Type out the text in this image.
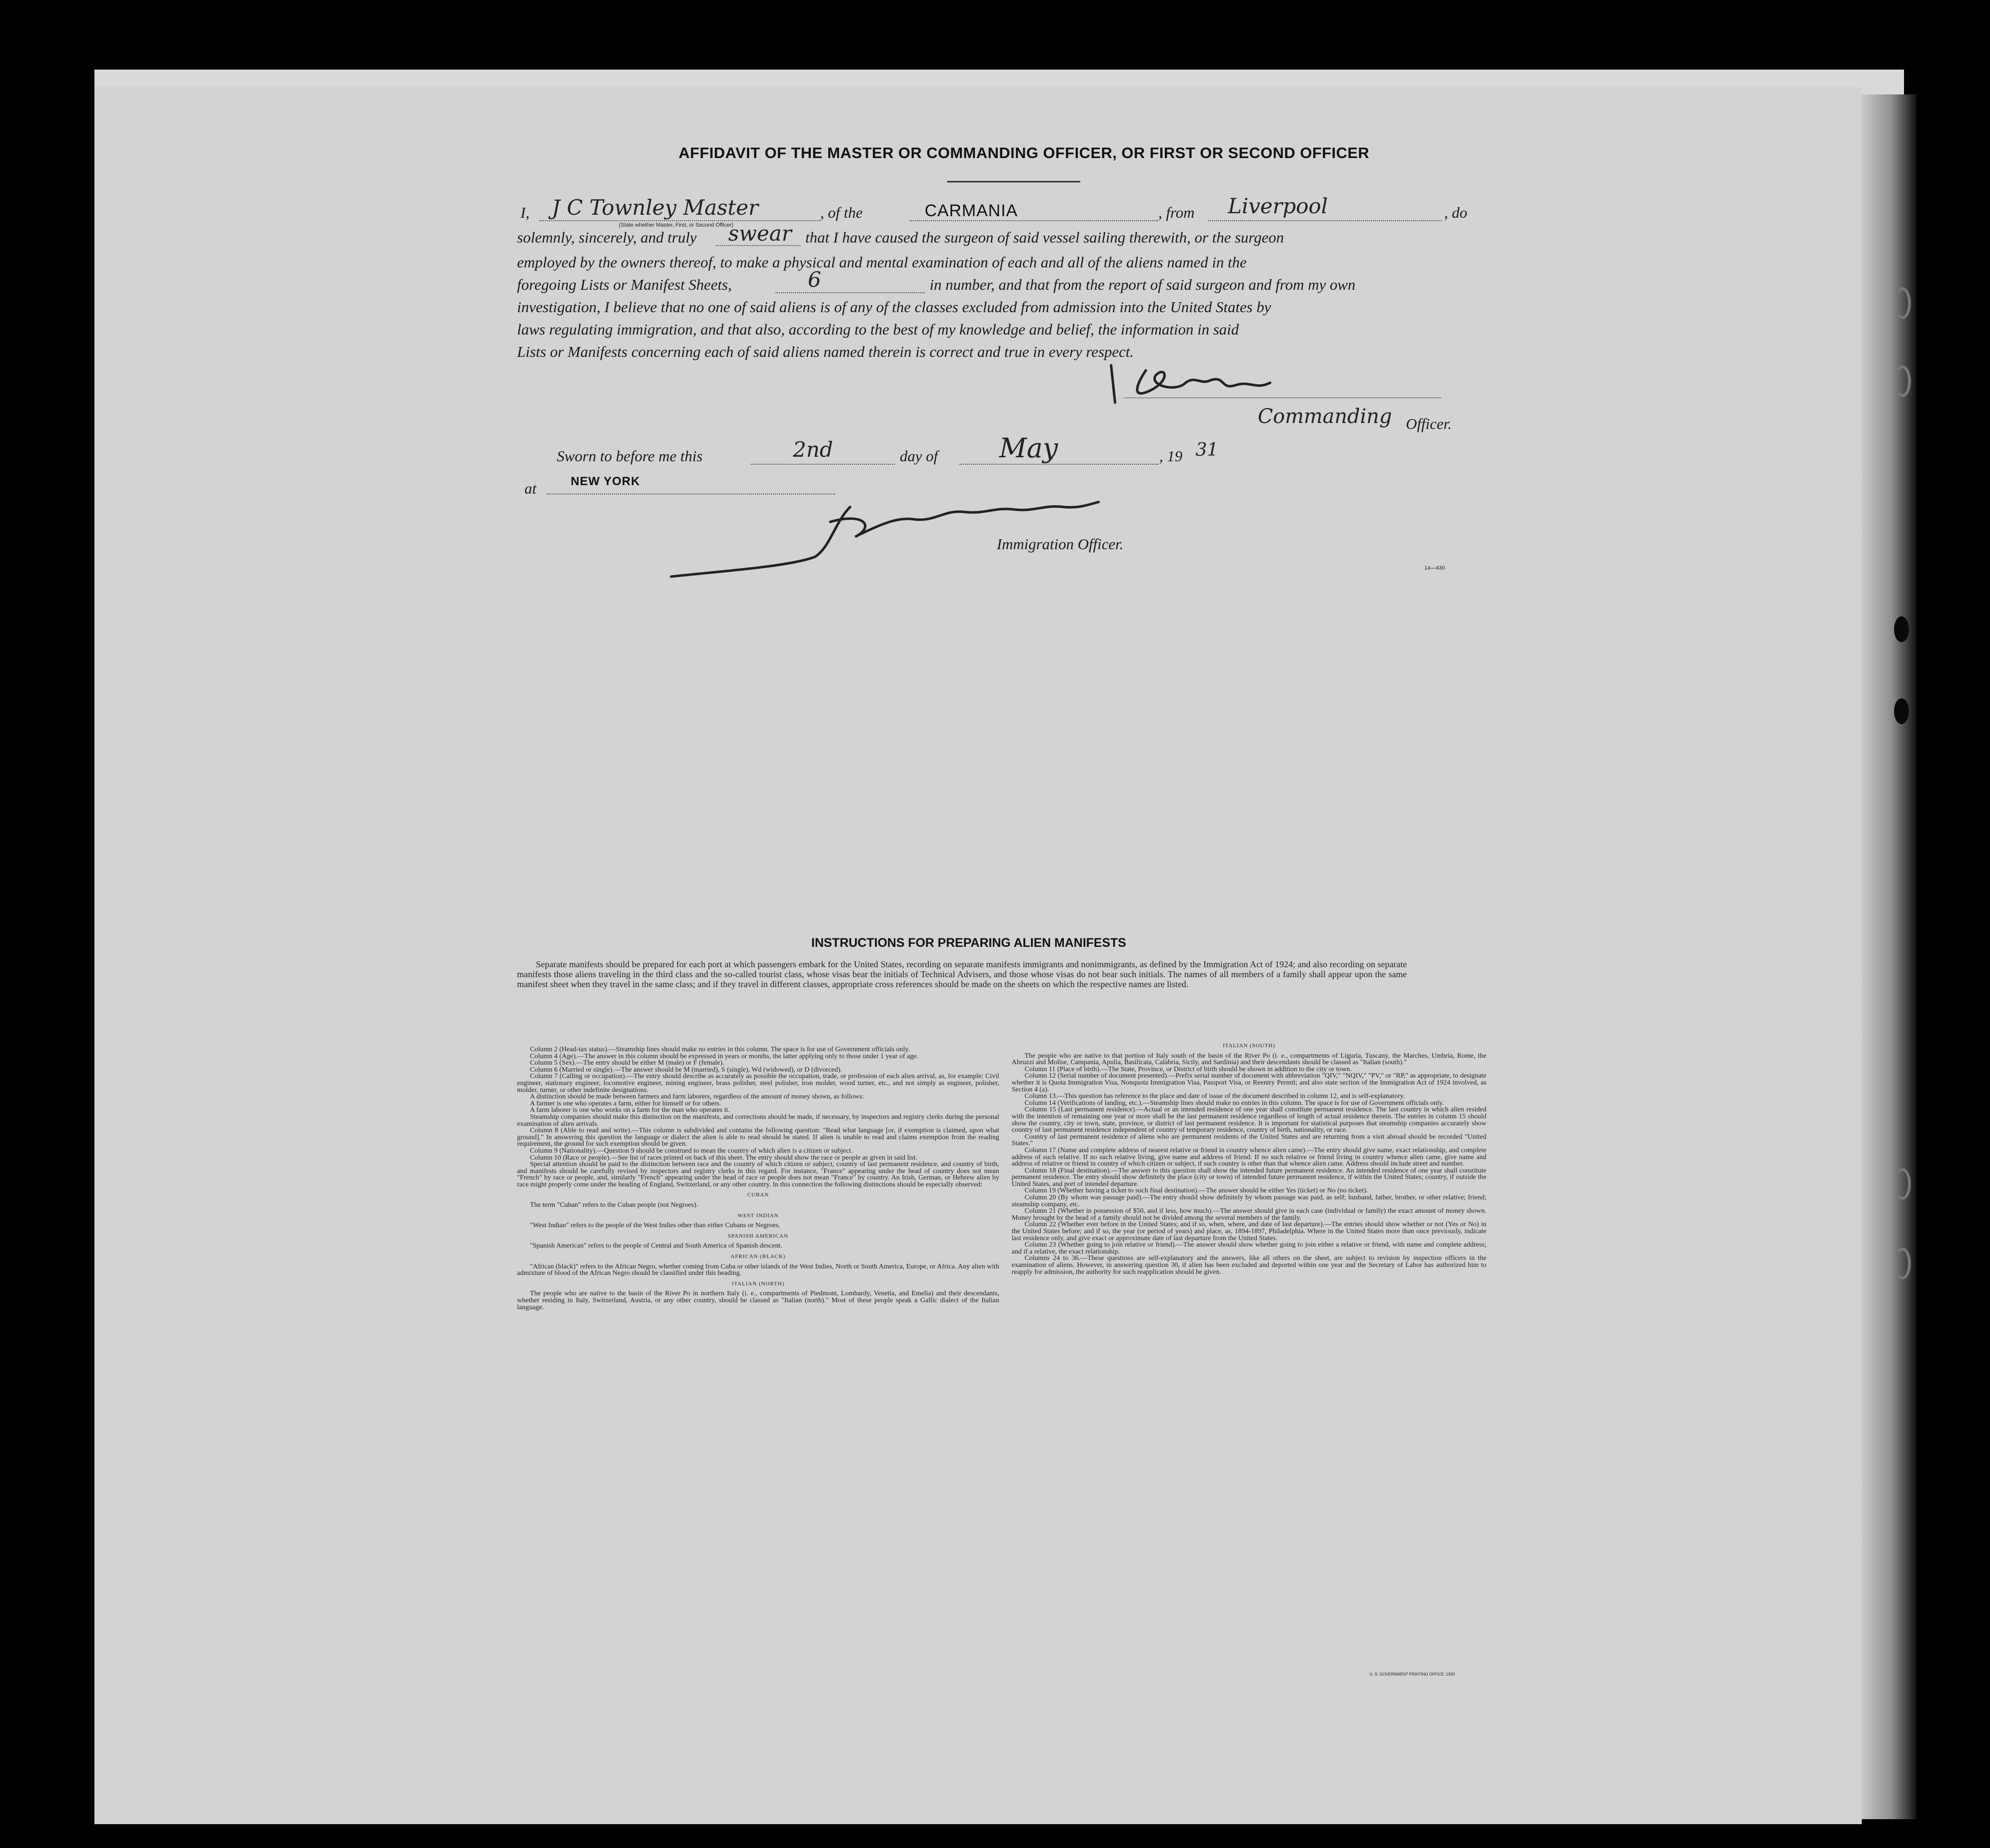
AFFIDAVIT OF THE MASTER OR COMMANDING OFFICER, OR FIRST OR SECOND OFFICER
I, J C Townley Master
(State whether Master, First, or Second Officer)
, of the	CARMANIA	, from Liverpool	, do
solemnly, sincerely, and truly swear that I have caused the surgeon of said vessel sailing therewith, or the surgeon
employed by the owners thereof, to make a physical and mental examination of each and all of the aliens named in the
foregoing Lists or Manifest Sheets,	6	in number, and that from the report of said surgeon and from my own
investigation, I believe that no one of said aliens is of any of the classes excluded from admission into the United States by
laws regulating immigration, and that also, according to the best of my knowledge and belief, the information in said
Lists or Manifests concerning each of said aliens named therein is correct and true in every respect.
Commanding Officer.
Sworn to before me this	2nd	day of May	, 19 31
at	NEW YORK
Immigration Officer.
14—430
INSTRUCTIONS FOR PREPARING ALIEN MANIFESTS
Separate manifests should be prepared for each port at which passengers embark for the United States, recording on separate manifests immigrants and nonimmigrants, as defined by the Immigration Act of 1924; and also recording on separate manifests those aliens traveling in the third class and the so-called tourist class, whose visas bear the initials of Technical Advisers, and those whose visas do not bear such initials. The names of all members of a family shall appear upon the same manifest sheet when they travel in the same class; and if they travel in different classes, appropriate cross references should be made on the sheets on which the respective names are listed.

Column 2 (Head-tax status).—Steamship lines should make no entries in this column. The space is for use of Government officials only.

Column 4 (Age).—The answer in this column should be expressed in years or months, the latter applying only to those under 1 year of age.

Column 5 (Sex).—The entry should be either M (male) or F (female).

Column 6 (Married or single).—The answer should be M (married), S (single), Wd (widowed), or D (divorced).

Column 7 (Calling or occupation).—The entry should describe as accurately as possible the occupation, trade, or profession of each alien arrival, as, for example: Civil engineer, stationary engineer, locomotive engineer, mining engineer, brass polisher, steel polisher, iron molder, wood turner, etc., and not simply as engineer, polisher, molder, turner, or other indefinite designations.

A distinction should be made between farmers and farm laborers, regardless of the amount of money shown, as follows:

A farmer is one who operates a farm, either for himself or for others.

A farm laborer is one who works on a farm for the man who operates it.

Steamship companies should make this distinction on the manifests, and corrections should be made, if necessary, by inspectors and registry clerks during the personal examination of alien arrivals.

Column 8 (Able to read and write).—This column is subdivided and contains the following question: "Read what language [or, if exemption is claimed, upon what ground]." In answering this question the language or dialect the alien is able to read should be stated. If alien is unable to read and claims exemption from the reading requirement, the ground for such exemption should be given.

Column 9 (Nationality).—Question 9 should be construed to mean the country of which alien is a citizen or subject.

Column 10 (Race or people).—See list of races printed on back of this sheet. The entry should show the race or people as given in said list.

Special attention should be paid to the distinction between race and the country of which citizen or subject, country of last permanent residence, and country of birth, and manifests should be carefully revised by inspectors and registry clerks in this regard. For instance, "France" appearing under the head of country does not mean "French" by race or people, and, similarly "French" appearing under the head of race or people does not mean "France" by country. An Irish, German, or Hebrew alien by race might properly come under the heading of England, Switzerland, or any other country. In this connection the following distinctions should be especially observed:

CUBAN

The term "Cuban" refers to the Cuban people (not Negroes).

WEST INDIAN

"West Indian" refers to the people of the West Indies other than either Cubans or Negroes.

SPANISH AMERICAN

"Spanish American" refers to the people of Central and South America of Spanish descent.

AFRICAN (BLACK)

"African (black)" refers to the African Negro, whether coming from Cuba or other islands of the West Indies, North or South America, Europe, or Africa. Any alien with admixture of blood of the African Negro should be classified under this heading.

ITALIAN (NORTH)

The people who are native to the basin of the River Po in northern Italy (i. e., compartments of Piedmont, Lombardy, Venetia, and Emelia) and their descendants, whether residing in Italy, Switzerland, Austria, or any other country, should be classed as "Italian (north)." Most of these people speak a Gallic dialect of the Italian language.

ITALIAN (SOUTH)

The people who are native to that portion of Italy south of the basin of the River Po (i. e., compartments of Liguria, Tuscany, the Marches, Umbria, Rome, the Abruzzi and Molise, Campania, Apulia, Basilicata, Calabria, Sicily, and Sardinia) and their descendants should be classed as "Italian (south)."

Column 11 (Place of birth).—The State, Province, or District of birth should be shown in addition to the city or town.

Column 12 (Serial number of document presented).—Prefix serial number of document with abbreviation "QIV," "NQIV," "PV," or "RP," as appropriate, to designate whether it is Quota Immigration Visa, Nonquota Immigration Visa, Passport Visa, or Reentry Permit; and also state section of the Immigration Act of 1924 involved, as Section 4 (a).

Column 13.—This question has reference to the place and date of issue of the document described in column 12, and is self-explanatory.

Column 14 (Verifications of landing, etc.).—Steamship lines should make no entries in this column. The space is for use of Government officials only.

Column 15 (Last permanent residence).—Actual or an intended residence of one year shall constitute permanent residence. The last country in which alien resided with the intention of remaining one year or more shall be the last permanent residence regardless of length of actual residence therein. The entries in column 15 should show the country, city or town, state, province, or district of last permanent residence. It is important for statistical purposes that steamship companies accurately show country of last permanent residence independent of country of temporary residence, country of birth, nationality, or race.

Country of last permanent residence of aliens who are permanent residents of the United States and are returning from a visit abroad should be recorded "United States."

Column 17 (Name and complete address of nearest relative or friend in country whence alien came).—The entry should give name, exact relationship, and complete address of such relative. If no such relative living, give name and address of friend. If no such relative or friend living in country whence alien came, give name and address of relative or friend in country of which citizen or subject, if such country is other than that whence alien came. Address should include street and number.

Column 18 (Final destination).—The answer to this question shall show the intended future permanent residence. An intended residence of one year shall constitute permanent residence. The entry should show definitely the place (city or town) of intended future permanent residence, if within the United States; country, if outside the United States, and port of intended departure.

Column 19 (Whether having a ticket to such final destination).—The answer should be either Yes (ticket) or No (no ticket).

Column 20 (By whom was passage paid).—The entry should show definitely by whom passage was paid, as self; husband, father, brother, or other relative; friend; steamship company, etc.

Column 21 (Whether in possession of $50, and if less, how much).—The answer should give in each case (individual or family) the exact amount of money shown. Money brought by the head of a family should not be divided among the several members of the family.

Column 22 (Whether ever before in the United States; and if so, when, where, and date of last departure).—The entries should show whether or not (Yes or No) in the United States before; and if so, the year (or period of years) and place, as, 1894-1897, Philadelphia. Where in the United States more than once previously, indicate last residence only, and give exact or approximate date of last departure from the United States.

Column 23 (Whether going to join relative or friend).—The answer should show whether going to join either a relative or friend, with name and complete address; and if a relative, the exact relationship.

Columns 24 to 36.—These questions are self-explanatory and the answers, like all others on the sheet, are subject to revision by inspection officers in the examination of aliens. However, in answering question 30, if alien has been excluded and deported within one year and the Secretary of Labor has authorized him to reapply for admission, the authority for such reapplication should be given.

U. S. GOVERNMENT PRINTING OFFICE: 1930
